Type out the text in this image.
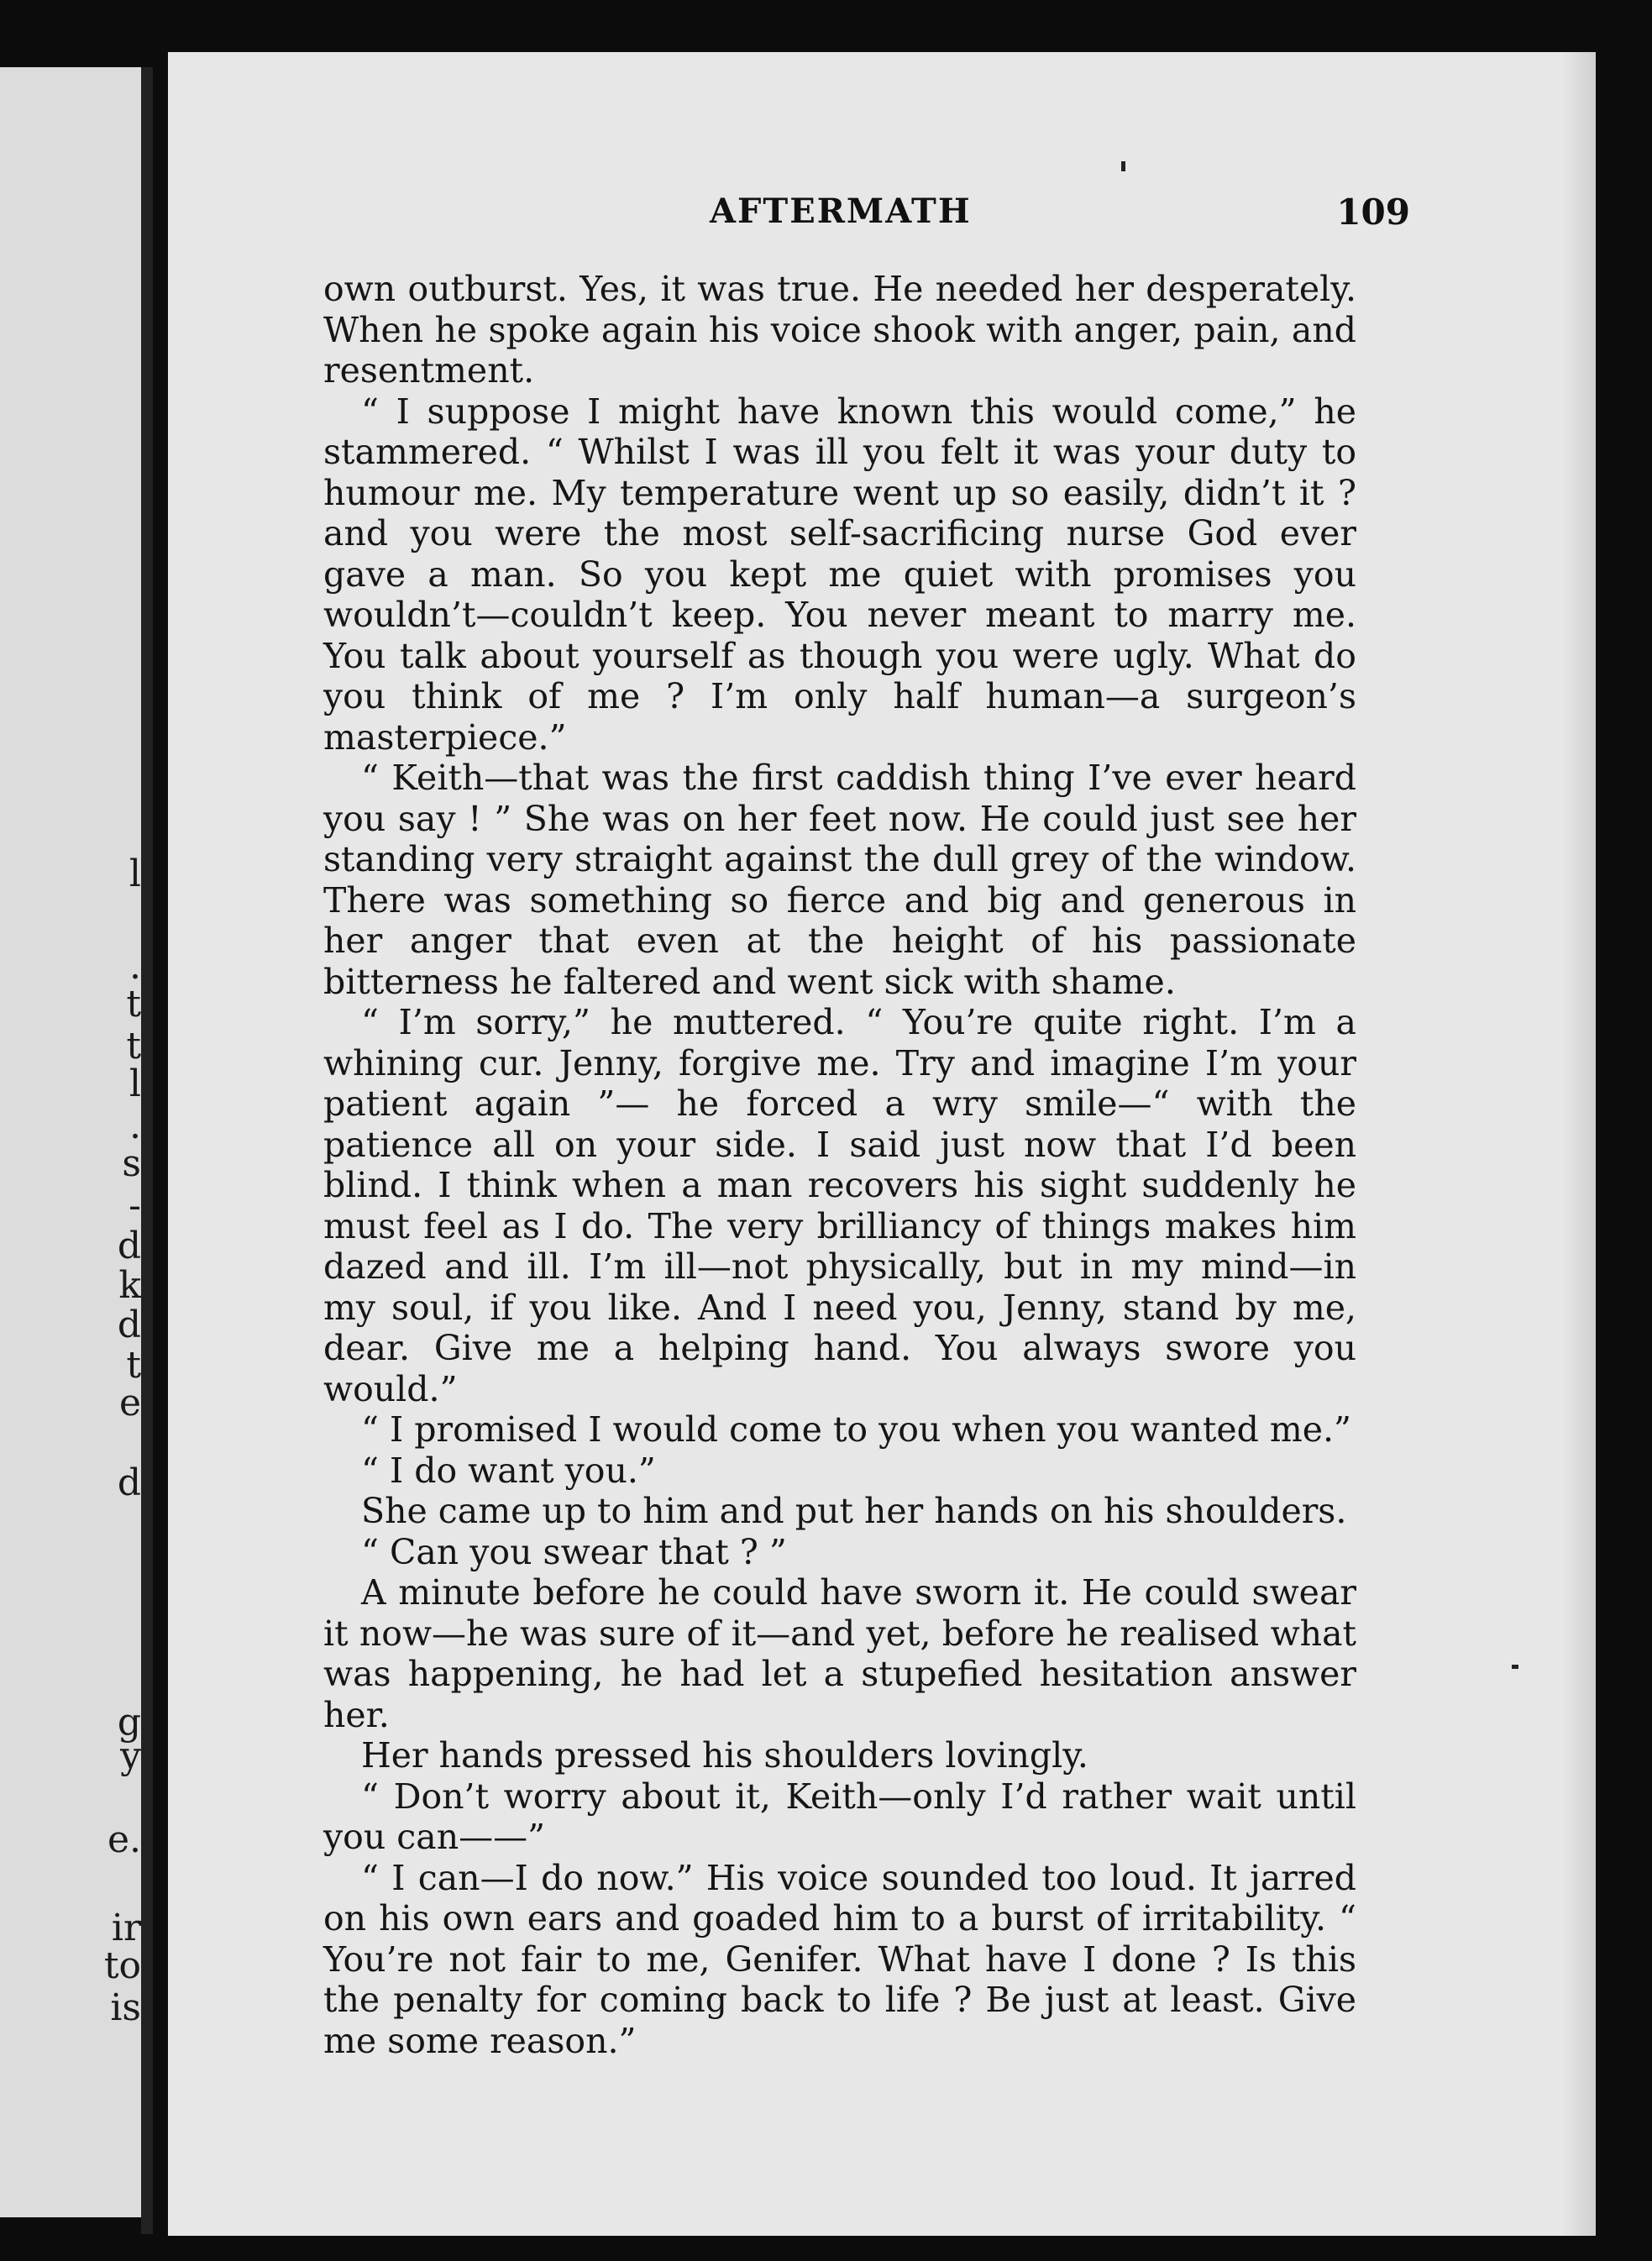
l
.
t
t
l
.
s
-
d
k
d
t
e
d
g
y
e.
ir
to
is
AFTERMATH	109

own outburst. Yes, it was true. He needed her desperately. When he spoke again his voice shook with anger, pain, and resentment.

“ I suppose I might have known this would come,” he stammered. “ Whilst I was ill you felt it was your duty to humour me. My temperature went up so easily, didn’t it ? and you were the most self-sacrificing nurse God ever gave a man. So you kept me quiet with promises you wouldn’t—couldn’t keep. You never meant to marry me. You talk about yourself as though you were ugly. What do you think of me ? I’m only half human—a surgeon’s masterpiece.”

“ Keith—that was the first caddish thing I’ve ever heard you say ! ” She was on her feet now. He could just see her standing very straight against the dull grey of the window. There was something so fierce and big and generous in her anger that even at the height of his passionate bitterness he faltered and went sick with shame.

“ I’m sorry,” he muttered. “ You’re quite right. I’m a whining cur. Jenny, forgive me. Try and imagine I’m your patient again ”— he forced a wry smile—“ with the patience all on your side. I said just now that I’d been blind. I think when a man recovers his sight suddenly he must feel as I do. The very brilliancy of things makes him dazed and ill. I’m ill—not physically, but in my mind—in my soul, if you like. And I need you, Jenny, stand by me, dear. Give me a helping hand. You always swore you would.”

“ I promised I would come to you when you wanted me.”

“ I do want you.”

She came up to him and put her hands on his shoulders.

“ Can you swear that ? ”

A minute before he could have sworn it. He could swear it now—he was sure of it—and yet, before he realised what was happening, he had let a stupefied hesitation answer her.

Her hands pressed his shoulders lovingly.

“ Don’t worry about it, Keith—only I’d rather wait until you can——”

“ I can—I do now.” His voice sounded too loud. It jarred on his own ears and goaded him to a burst of irritability. “ You’re not fair to me, Genifer. What have I done ? Is this the penalty for coming back to life ? Be just at least. Give me some reason.”
